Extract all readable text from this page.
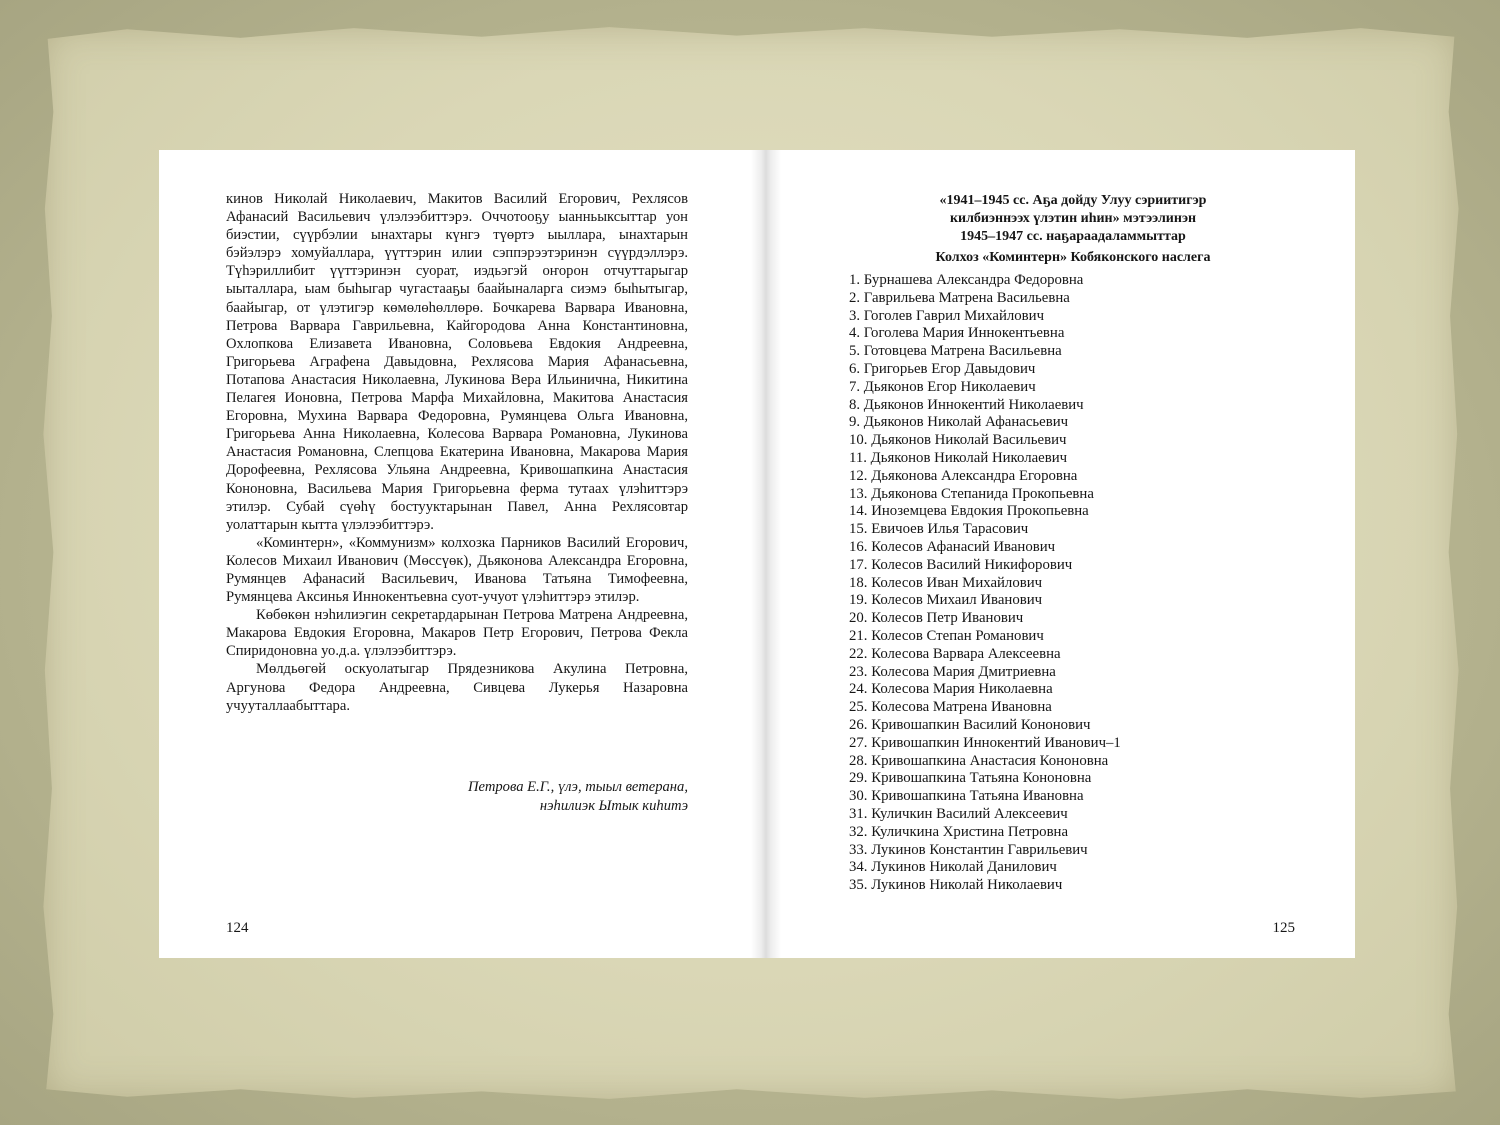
кинов Николай Николаевич, Макитов Василий Егорович, Рехлясов Афанасий Васильевич үлэлээбиттэрэ. Оччотооҕу ыанньыксыттар уон биэстии, сүүрбэлии ынахтары күнгэ түөртэ ыыллара, ынахтарын бэйэлэрэ хомуйаллара, үүттэрин илии сэппэрээтэринэн сүүрдэллэрэ. Түһэриллибит үүттэринэн суорат, иэдьэгэй оҥорон отчуттарыгар ыыталлара, ыам быһыгар чугастааҕы баайыналарга сиэмэ быһытыгар, баайыгар, от үлэтигэр көмөлөһөллөрө. Бочкарева Варвара Ивановна, Петрова Варвара Гаврильевна, Кайгородова Анна Константиновна, Охлопкова Елизавета Ивановна, Соловьева Евдокия Андреевна, Григорьева Аграфена Давыдовна, Рехлясова Мария Афанасьевна, Потапова Анастасия Николаевна, Лукинова Вера Ильинична, Никитина Пелагея Ионовна, Петрова Марфа Михайловна, Макитова Анастасия Егоровна, Мухина Варвара Федоровна, Румянцева Ольга Ивановна, Григорьева Анна Николаевна, Колесова Варвара Романовна, Лукинова Анастасия Романовна, Слепцова Екатерина Ивановна, Макарова Мария Дорофеевна, Рехлясова Ульяна Андреевна, Кривошапкина Анастасия Кононовна, Васильева Мария Григорьевна ферма тутаах үлэһиттэрэ этилэр. Субай сүөһү бостууктарынан Павел, Анна Рехлясовтар уолаттарын кытта үлэлээбиттэрэ.

«Коминтерн», «Коммунизм» колхозка Парников Василий Егорович, Колесов Михаил Иванович (Мөссүөк), Дьяконова Александра Егоровна, Румянцев Афанасий Васильевич, Иванова Татьяна Тимофеевна, Румянцева Аксинья Иннокентьевна суот-учуот үлэһиттэрэ этилэр.

Көбөкөн нэһилиэгин секретардарынан Петрова Матрена Андреевна, Макарова Евдокия Егоровна, Макаров Петр Егорович, Петрова Фекла Спиридоновна уо.д.а. үлэлээбиттэрэ.

Мөлдьөгөй оскуолатыгар Прядезникова Акулина Петровна, Аргунова Федора Андреевна, Сивцева Лукерья Назаровна учууталлаабыттара.

Петрова Е.Г., үлэ, тыыл ветерана,
нэһилиэк Ытык киһитэ
124
«1941–1945 сс. Аҕа дойду Улуу сэриитигэр
килбиэннээх үлэтин иһин» мэтээлинэн
1945–1947 сс. наҕараадаламмыттар
Колхоз «Коминтерн» Кобяконского наслега
1. Бурнашева Александра Федоровна
2. Гаврильева Матрена Васильевна
3. Гоголев Гаврил Михайлович
4. Гоголева Мария Иннокентьевна
5. Готовцева Матрена Васильевна
6. Григорьев Егор Давыдович
7. Дьяконов Егор Николаевич
8. Дьяконов Иннокентий Николаевич
9. Дьяконов Николай Афанасьевич
10. Дьяконов Николай Васильевич
11. Дьяконов Николай Николаевич
12. Дьяконова Александра Егоровна
13. Дьяконова Степанида Прокопьевна
14. Иноземцева Евдокия Прокопьевна
15. Евичоев Илья Тарасович
16. Колесов Афанасий Иванович
17. Колесов Василий Никифорович
18. Колесов Иван Михайлович
19. Колесов Михаил Иванович
20. Колесов Петр Иванович
21. Колесов Степан Романович
22. Колесова Варвара Алексеевна
23. Колесова Мария Дмитриевна
24. Колесова Мария Николаевна
25. Колесова Матрена Ивановна
26. Кривошапкин Василий Кононович
27. Кривошапкин Иннокентий Иванович–1
28. Кривошапкина Анастасия Кононовна
29. Кривошапкина Татьяна Кононовна
30. Кривошапкина Татьяна Ивановна
31. Куличкин Василий Алексеевич
32. Куличкина Христина Петровна
33. Лукинов Константин Гаврильевич
34. Лукинов Николай Данилович
35. Лукинов Николай Николаевич
125
